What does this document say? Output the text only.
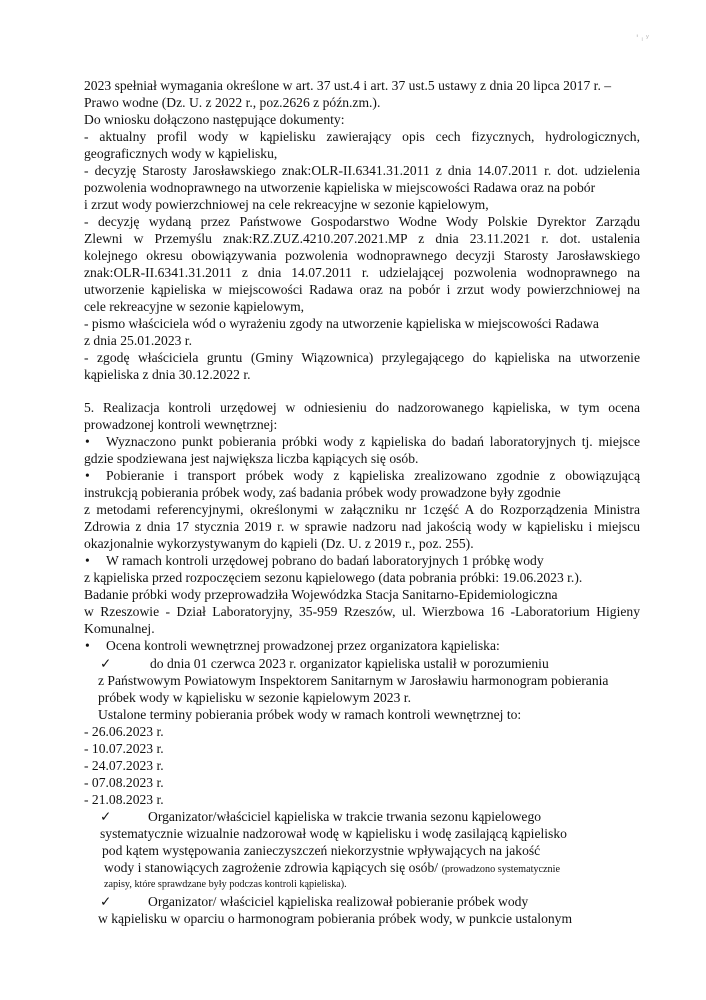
' ᵢ ʸ
2023 spełniał wymagania określone w art. 37 ust.4 i art. 37 ust.5 ustawy z dnia 20 lipca 2017 r. –
Prawo wodne (Dz. U. z 2022 r., poz.2626 z późn.zm.).
Do wniosku dołączono następujące dokumenty:
- aktualny profil wody w kąpielisku zawierający opis cech fizycznych, hydrologicznych,
geograficznych wody w kąpielisku,
- decyzję Starosty Jarosławskiego znak:OLR-II.6341.31.2011 z dnia 14.07.2011 r. dot. udzielenia
pozwolenia wodnoprawnego na utworzenie kąpieliska w miejscowości Radawa oraz na pobór
i zrzut wody powierzchniowej na cele rekreacyjne w sezonie kąpielowym,
- decyzję wydaną przez Państwowe Gospodarstwo Wodne Wody Polskie Dyrektor Zarządu
Zlewni w Przemyślu znak:RZ.ZUZ.4210.207.2021.MP z dnia 23.11.2021 r. dot. ustalenia
kolejnego okresu obowiązywania pozwolenia wodnoprawnego decyzji Starosty Jarosławskiego
znak:OLR-II.6341.31.2011 z dnia 14.07.2011 r. udzielającej pozwolenia wodnoprawnego na
utworzenie kąpieliska w miejscowości Radawa oraz na pobór i zrzut wody powierzchniowej na
cele rekreacyjne w sezonie kąpielowym,
- pismo właściciela wód o wyrażeniu zgody na utworzenie kąpieliska w miejscowości Radawa
z dnia 25.01.2023 r.
- zgodę właściciela gruntu (Gminy Wiązownica) przylegającego do kąpieliska na utworzenie
kąpieliska z dnia 30.12.2022 r.
5. Realizacja kontroli urzędowej w odniesieniu do nadzorowanego kąpieliska, w tym ocena
prowadzonej kontroli wewnętrznej:
• Wyznaczono punkt pobierania próbki wody z kąpieliska do badań laboratoryjnych tj. miejsce
gdzie spodziewana jest największa liczba kąpiących się osób.
• Pobieranie i transport próbek wody z kąpieliska zrealizowano zgodnie z obowiązującą
instrukcją pobierania próbek wody, zaś badania próbek wody prowadzone były zgodnie
z metodami referencyjnymi, określonymi w załączniku nr 1część A do Rozporządzenia Ministra
Zdrowia z dnia 17 stycznia 2019 r. w sprawie nadzoru nad jakością wody w kąpielisku i miejscu
okazjonalnie wykorzystywanym do kąpieli (Dz. U. z 2019 r., poz. 255).
• W ramach kontroli urzędowej pobrano do badań laboratoryjnych 1 próbkę wody
z kąpieliska przed rozpoczęciem sezonu kąpielowego (data pobrania próbki: 19.06.2023 r.).
Badanie próbki wody przeprowadziła Wojewódzka Stacja Sanitarno-Epidemiologiczna
w Rzeszowie - Dział Laboratoryjny, 35-959 Rzeszów, ul. Wierzbowa 16 -Laboratorium Higieny
Komunalnej.
• Ocena kontroli wewnętrznej prowadzonej przez organizatora kąpieliska:
✓	do dnia 01 czerwca 2023 r. organizator kąpieliska ustalił w porozumieniu
z Państwowym Powiatowym Inspektorem Sanitarnym w Jarosławiu harmonogram pobierania
próbek wody w kąpielisku w sezonie kąpielowym 2023 r.
Ustalone terminy pobierania próbek wody w ramach kontroli wewnętrznej to:
- 26.06.2023 r.
- 10.07.2023 r.
- 24.07.2023 r.
- 07.08.2023 r.
- 21.08.2023 r.
✓	Organizator/właściciel kąpieliska w trakcie trwania sezonu kąpielowego
systematycznie wizualnie nadzorował wodę w kąpielisku i wodę zasilającą kąpielisko
pod kątem występowania zanieczyszczeń niekorzystnie wpływających na jakość
wody i stanowiących zagrożenie zdrowia kąpiących się osób/ (prowadzono systematycznie
zapisy, które sprawdzane były podczas kontroli kąpieliska).
✓	Organizator/ właściciel kąpieliska realizował pobieranie próbek wody
w kąpielisku w oparciu o harmonogram pobierania próbek wody, w punkcie ustalonym
